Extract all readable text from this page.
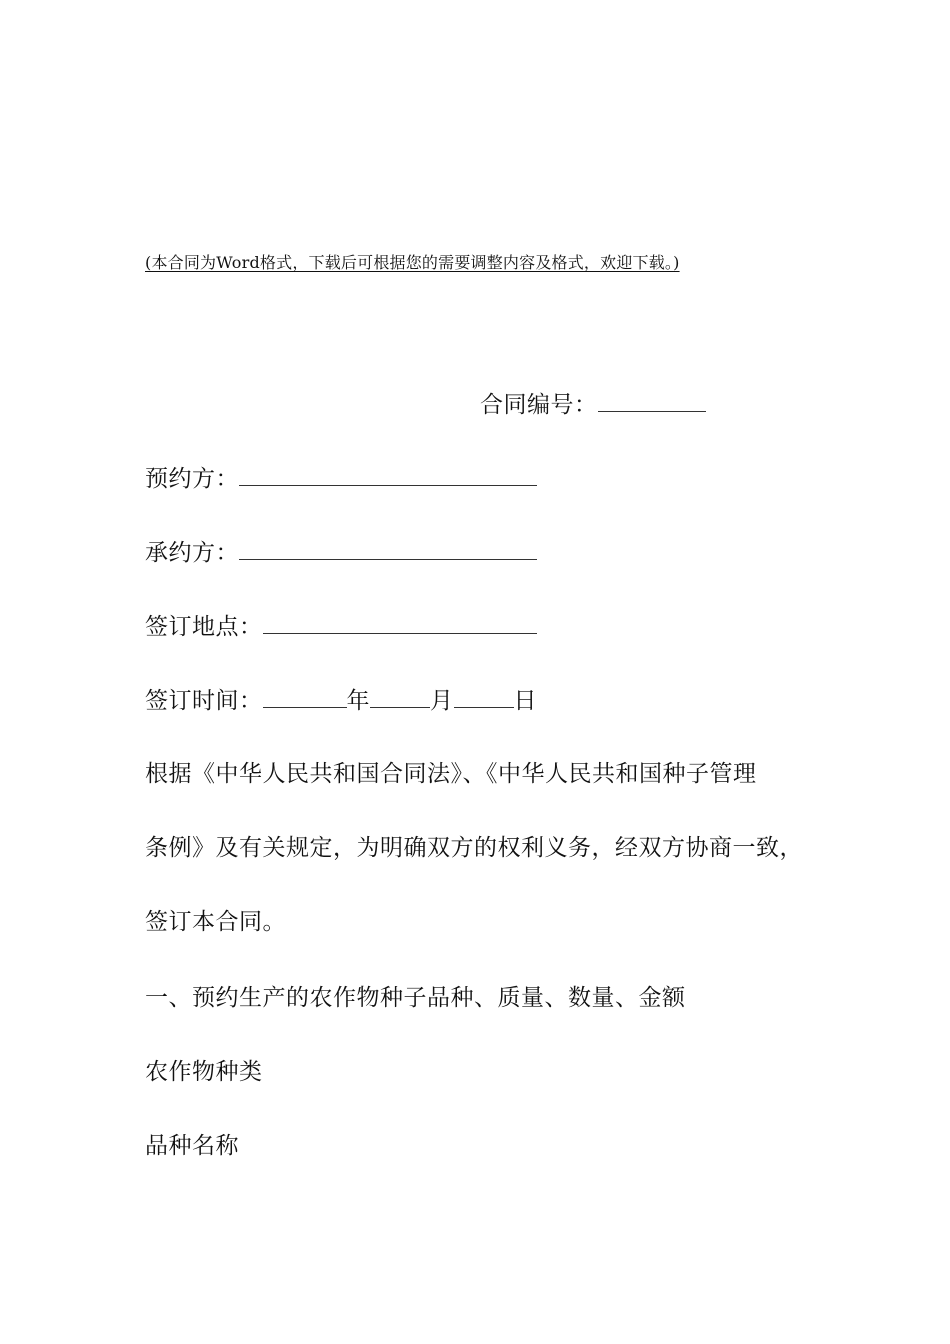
(本合同为Word格式，下载后可根据您的需要调整内容及格式，欢迎下载。)
合同编号：
预约方：
承约方：
签订地点：
签订时间：	年	月	日
根据《中华人民共和国合同法》、《中华人民共和国种子管理
条例》及有关规定，为明确双方的权利义务，经双方协商一致，
签订本合同。
一、预约生产的农作物种子品种、质量、数量、金额
农作物种类
品种名称
